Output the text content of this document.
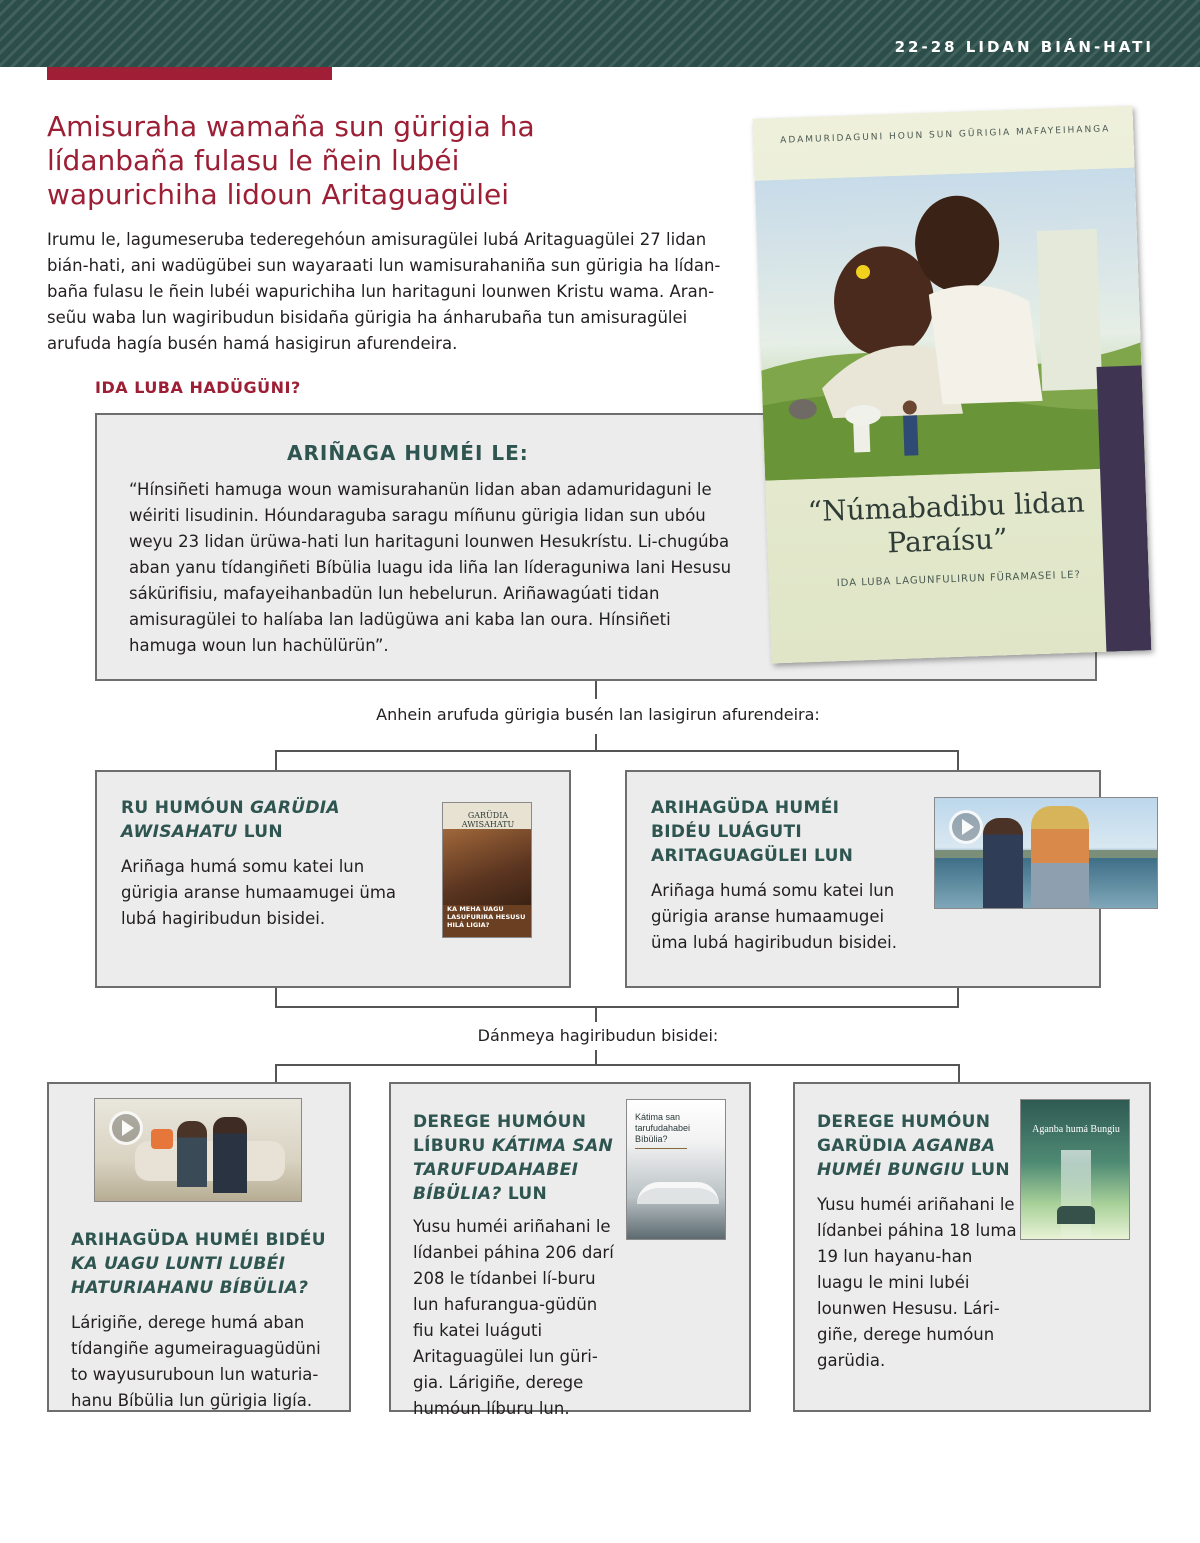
22-28 LIDAN BIÁN-HATI
Amisuraha wamaña sun gürigia ha lídanbaña fulasu le ñein lubéi wapurichiha lidoun Aritaguagülei

Irumu le, lagumeseruba tederegehóun amisuragülei lubá Aritaguagülei 27 lidan bián-hati, ani wadügübei sun wayaraati lun wamisurahaniña sun gürigia ha lídan-baña fulasu le ñein lubéi wapurichiha lun haritaguni lounwen Kristu wama. Aran-seũu waba lun wagiribudun bisidaña gürigia ha ánharubaña tun amisuragülei arufuda hagía busén hamá hasigirun afurendeira.

IDA LUBA HADÜGÜNI?
ARIÑAGA HUMÉI LE:

“Hínsiñeti hamuga woun wamisurahanün lidan aban adamuridaguni le wéiriti lisudinin. Hóundaraguba saragu míñunu gürigia lidan sun ubóu weyu 23 lidan ürüwa-hati lun haritaguni lounwen Hesukrístu. Li-chugúba aban yanu tídangiñeti Bíbülia luagu ida liña lan líderaguniwa lani Hesusu sákürifisiu, mafayeihanbadün lun hebelurun. Ariñawagúati tidan amisuragülei to halíaba lan ladügüwa ani kaba lan oura. Hínsiñeti hamuga woun lun hachülürün”.

ADAMURIDAGUNI HOUN SUN GÜRIGIA MAFAYEIHANGA
“Númabadibu lidan Paraísu”
IDA LUBA LAGUNFULIRUN FÜRAMASEI LE?
Anhein arufuda gürigia busén lan lasigirun afurendeira:
RU HUMÓUN GARÜDIA AWISAHATU LUN

Ariñaga humá somu katei lun gürigia aranse humaamugei üma lubá hagiribudun bisidei.

GARÜDIA AWISAHATU
KA MEHA UAGU LASUFURIRA HESUSU HILÁ LIGIA?
ARIHAGÜDA HUMÉI BIDÉU LUÁGUTI ARITAGUAGÜLEI LUN

Ariñaga humá somu katei lun gürigia aranse humaamugei üma lubá hagiribudun bisidei.

Dánmeya hagiribudun bisidei:
ARIHAGÜDA HUMÉI BIDÉU KA UAGU LUNTI LUBÉI HATURIAHANU BÍBÜLIA?

Lárigiñe, derege humá aban tídangiñe agumeiraguagüdüni to wayusuruboun lun waturia-hanu Bíbülia lun gürigia ligía.

DEREGE HUMÓUN LÍBURU KÁTIMA SAN TARUFUDAHABEI BÍBÜLIA? LUN

Yusu huméi ariñahani le lídanbei páhina 206 darí 208 le tídanbei lí-buru lun hafurangua-güdün fiu katei luáguti Aritaguagülei lun güri-gia. Lárigiñe, derege humóun líburu lun.

Kátima san tarufudahabei Bíbülia?
DEREGE HUMÓUN GARÜDIA AGANBA HUMÉI BUNGIU LUN

Yusu huméi ariñahani le lídanbei páhina 18 luma 19 lun hayanu-han luagu le mini lubéi lounwen Hesusu. Lári-giñe, derege humóun garüdia.

Aganba humá Bungiu
